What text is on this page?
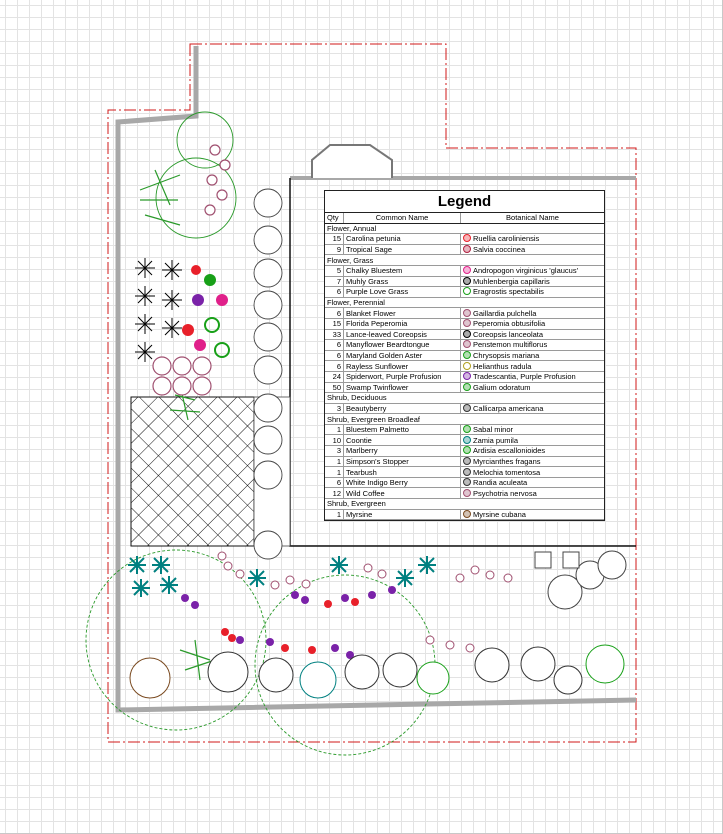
Legend
Qty	Common Name	Botanical Name
Flower, Annual		
15	Carolina petunia	Ruellia caroliniensis
9	Tropical Sage	Salvia coccinea
Flower, Grass		
5	Chalky Bluestem	Andropogon virginicus 'glaucus'
7	Muhly Grass	Muhlenbergia capillaris
6	Purple Love Grass	Eragrostis spectabilis
Flower, Perennial		
6	Blanket Flower	Gaillardia pulchella
15	Florida Peperomia	Peperomia obtusifolia
33	Lance-leaved Coreopsis	Coreopsis lanceolata
6	Manyflower Beardtongue	Penstemon multiflorus
6	Maryland Golden Aster	Chrysopsis mariana
6	Rayless Sunflower	Helianthus radula
24	Spiderwort, Purple Profusion	Tradescantia, Purple Profusion
50	Swamp Twinflower	Galium odoratum
Shrub, Deciduous		
3	Beautyberry	Callicarpa americana
Shrub, Evergreen Broadleaf		
1	Bluestem Palmetto	Sabal minor
10	Coontie	Zamia pumila
3	Marlberry	Ardisia escallonioides
1	Simpson's Stopper	Myrcianthes fragans
1	Tearbush	Melochia tomentosa
6	White Indigo Berry	Randia aculeata
12	Wild Coffee	Psychotria nervosa
Shrub, Evergreen		
1	Myrsine	Myrsine cubana
